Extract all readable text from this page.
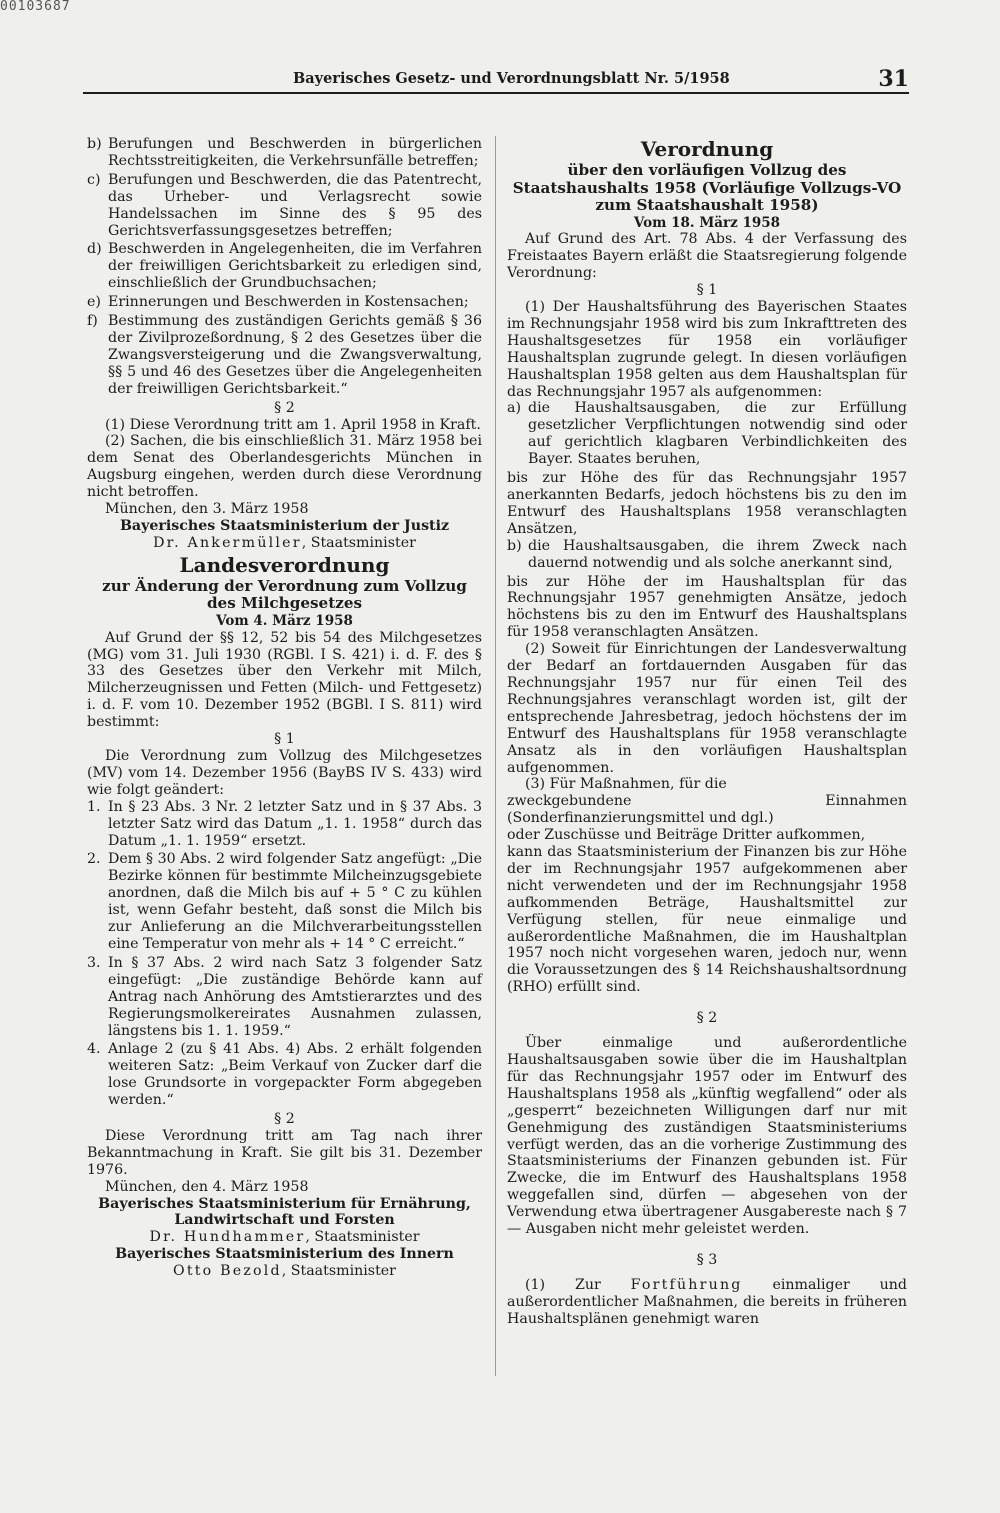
00103687
Bayerisches Gesetz- und Verordnungsblatt Nr. 5/1958	31
b) Berufungen und Beschwerden in bürgerlichen Rechtsstreitigkeiten, die Verkehrsunfälle betreffen;
c) Berufungen und Beschwerden, die das Patentrecht, das Urheber- und Verlagsrecht sowie Handelssachen im Sinne des § 95 des Gerichtsverfassungsgesetzes betreffen;
d) Beschwerden in Angelegenheiten, die im Verfahren der freiwilligen Gerichtsbarkeit zu erledigen sind, einschließlich der Grundbuchsachen;
e) Erinnerungen und Beschwerden in Kostensachen;
f) Bestimmung des zuständigen Gerichts gemäß § 36 der Zivilprozeßordnung, § 2 des Gesetzes über die Zwangsversteigerung und die Zwangsverwaltung, §§ 5 und 46 des Gesetzes über die Angelegenheiten der freiwilligen Gerichtsbarkeit.“

§ 2

(1) Diese Verordnung tritt am 1. April 1958 in Kraft.

(2) Sachen, die bis einschließlich 31. März 1958 bei dem Senat des Oberlandesgerichts München in Augsburg eingehen, werden durch diese Verordnung nicht betroffen.

München, den 3. März 1958

Bayerisches Staatsministerium der Justiz

Dr. Ankermüller, Staatsminister

Landesverordnung

zur Änderung der Verordnung zum Vollzug

des Milchgesetzes

Vom 4. März 1958

Auf Grund der §§ 12, 52 bis 54 des Milchgesetzes (MG) vom 31. Juli 1930 (RGBl. I S. 421) i. d. F. des § 33 des Gesetzes über den Verkehr mit Milch, Milcherzeugnissen und Fetten (Milch- und Fettgesetz) i. d. F. vom 10. Dezember 1952 (BGBl. I S. 811) wird bestimmt:

§ 1

Die Verordnung zum Vollzug des Milchgesetzes (MV) vom 14. Dezember 1956 (BayBS IV S. 433) wird wie folgt geändert:

1. In § 23 Abs. 3 Nr. 2 letzter Satz und in § 37 Abs. 3 letzter Satz wird das Datum „1. 1. 1958“ durch das Datum „1. 1. 1959“ ersetzt.
2. Dem § 30 Abs. 2 wird folgender Satz angefügt: „Die Bezirke können für bestimmte Milcheinzugsgebiete anordnen, daß die Milch bis auf + 5 ° C zu kühlen ist, wenn Gefahr besteht, daß sonst die Milch bis zur Anlieferung an die Milchverarbeitungsstellen eine Temperatur von mehr als + 14 ° C erreicht.“
3. In § 37 Abs. 2 wird nach Satz 3 folgender Satz eingefügt: „Die zuständige Behörde kann auf Antrag nach Anhörung des Amtstierarztes und des Regierungsmolkereirates Ausnahmen zulassen, längstens bis 1. 1. 1959.“
4. Anlage 2 (zu § 41 Abs. 4) Abs. 2 erhält folgenden weiteren Satz: „Beim Verkauf von Zucker darf die lose Grundsorte in vorgepackter Form abgegeben werden.“

§ 2

Diese Verordnung tritt am Tag nach ihrer Bekanntmachung in Kraft. Sie gilt bis 31. Dezember 1976.

München, den 4. März 1958

Bayerisches Staatsministerium für Ernährung,

Landwirtschaft und Forsten

Dr. Hundhammer, Staatsminister

Bayerisches Staatsministerium des Innern

Otto Bezold, Staatsminister

Verordnung

über den vorläufigen Vollzug des Staatshaushalts 1958 (Vorläufige Vollzugs-VO zum Staatshaushalt 1958)

Vom 18. März 1958

Auf Grund des Art. 78 Abs. 4 der Verfassung des Freistaates Bayern erläßt die Staatsregierung folgende Verordnung:

§ 1

(1) Der Haushaltsführung des Bayerischen Staates im Rechnungsjahr 1958 wird bis zum Inkrafttreten des Haushaltsgesetzes für 1958 ein vorläufiger Haushaltsplan zugrunde gelegt. In diesen vorläufigen Haushaltsplan 1958 gelten aus dem Haushaltsplan für das Rechnungsjahr 1957 als aufgenommen:

a) die Haushaltsausgaben, die zur Erfüllung gesetzlicher Verpflichtungen notwendig sind oder auf gerichtlich klagbaren Verbindlichkeiten des Bayer. Staates beruhen,

bis zur Höhe des für das Rechnungsjahr 1957 anerkannten Bedarfs, jedoch höchstens bis zu den im Entwurf des Haushaltsplans 1958 veranschlagten Ansätzen,

b) die Haushaltsausgaben, die ihrem Zweck nach dauernd notwendig und als solche anerkannt sind,

bis zur Höhe der im Haushaltsplan für das Rechnungsjahr 1957 genehmigten Ansätze, jedoch höchstens bis zu den im Entwurf des Haushaltsplans für 1958 veranschlagten Ansätzen.

(2) Soweit für Einrichtungen der Landesverwaltung der Bedarf an fortdauernden Ausgaben für das Rechnungsjahr 1957 nur für einen Teil des Rechnungsjahres veranschlagt worden ist, gilt der entsprechende Jahresbetrag, jedoch höchstens der im Entwurf des Haushaltsplans für 1958 veranschlagte Ansatz als in den vorläufigen Haushaltsplan aufgenommen.

(3) Für Maßnahmen, für die

zweckgebundene Einnahmen (Sonderfinanzierungsmittel und dgl.)

oder Zuschüsse und Beiträge Dritter aufkommen,

kann das Staatsministerium der Finanzen bis zur Höhe der im Rechnungsjahr 1957 aufgekommenen aber nicht verwendeten und der im Rechnungsjahr 1958 aufkommenden Beträge, Haushaltsmittel zur Verfügung stellen, für neue einmalige und außerordentliche Maßnahmen, die im Haushaltplan 1957 noch nicht vorgesehen waren, jedoch nur, wenn die Voraussetzungen des § 14 Reichshaushaltsordnung (RHO) erfüllt sind.

§ 2

Über einmalige und außerordentliche Haushaltsausgaben sowie über die im Haushaltplan für das Rechnungsjahr 1957 oder im Entwurf des Haushaltsplans 1958 als „künftig wegfallend“ oder als „gesperrt“ bezeichneten Willigungen darf nur mit Genehmigung des zuständigen Staatsministeriums verfügt werden, das an die vorherige Zustimmung des Staatsministeriums der Finanzen gebunden ist. Für Zwecke, die im Entwurf des Haushaltsplans 1958 weggefallen sind, dürfen — abgesehen von der Verwendung etwa übertragener Ausgabereste nach § 7 — Ausgaben nicht mehr geleistet werden.

§ 3

(1) Zur Fortführung einmaliger und außerordentlicher Maßnahmen, die bereits in früheren Haushaltsplänen genehmigt waren
